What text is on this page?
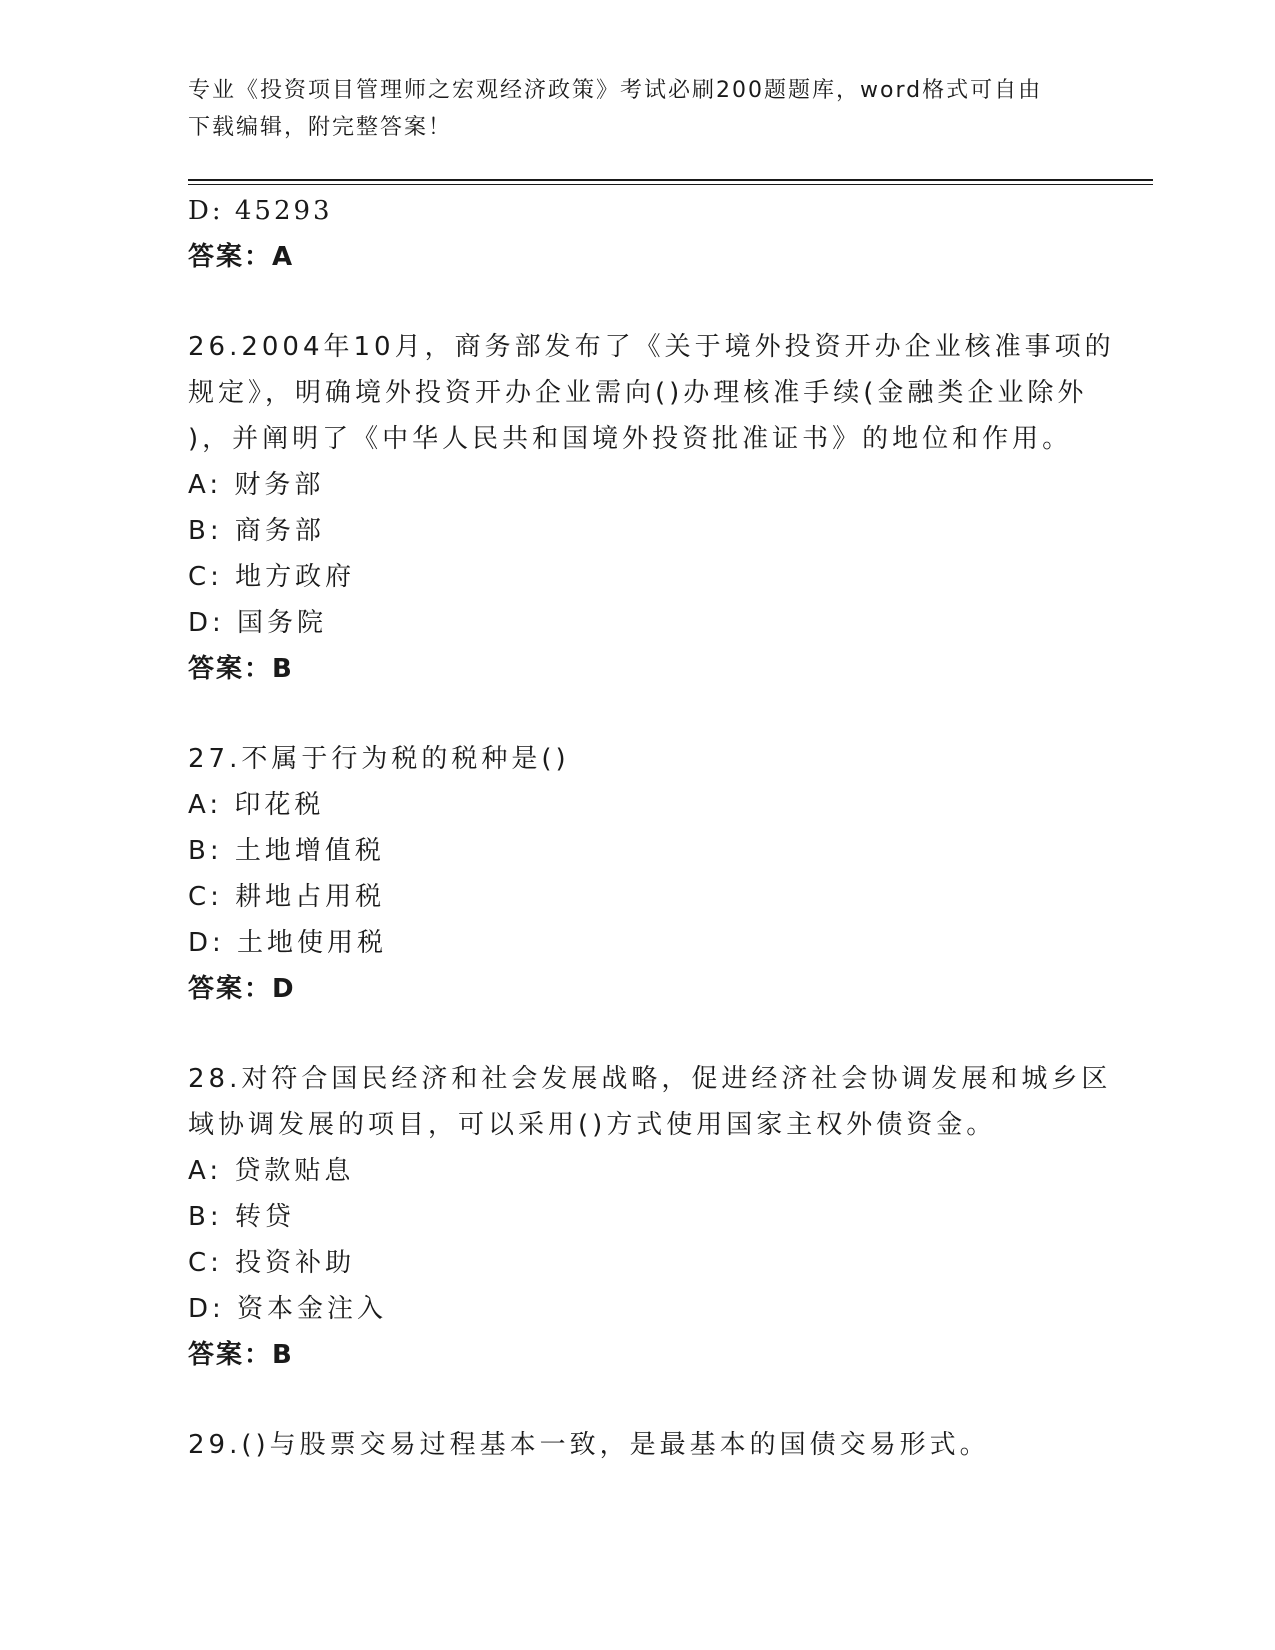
专业《投资项目管理师之宏观经济政策》考试必刷200题题库，word格式可自由
下载编辑，附完整答案！
D: 45293
答案：A
26.2004年10月，商务部发布了《关于境外投资开办企业核准事项的
规定》，明确境外投资开办企业需向()办理核准手续(金融类企业除外
)，并阐明了《中华人民共和国境外投资批准证书》的地位和作用。
A: 财务部
B: 商务部
C: 地方政府
D: 国务院
答案：B
27.不属于行为税的税种是()
A: 印花税
B: 土地增值税
C: 耕地占用税
D: 土地使用税
答案：D
28.对符合国民经济和社会发展战略，促进经济社会协调发展和城乡区
域协调发展的项目，可以采用()方式使用国家主权外债资金。
A: 贷款贴息
B: 转贷
C: 投资补助
D: 资本金注入
答案：B
29.()与股票交易过程基本一致，是最基本的国债交易形式。
